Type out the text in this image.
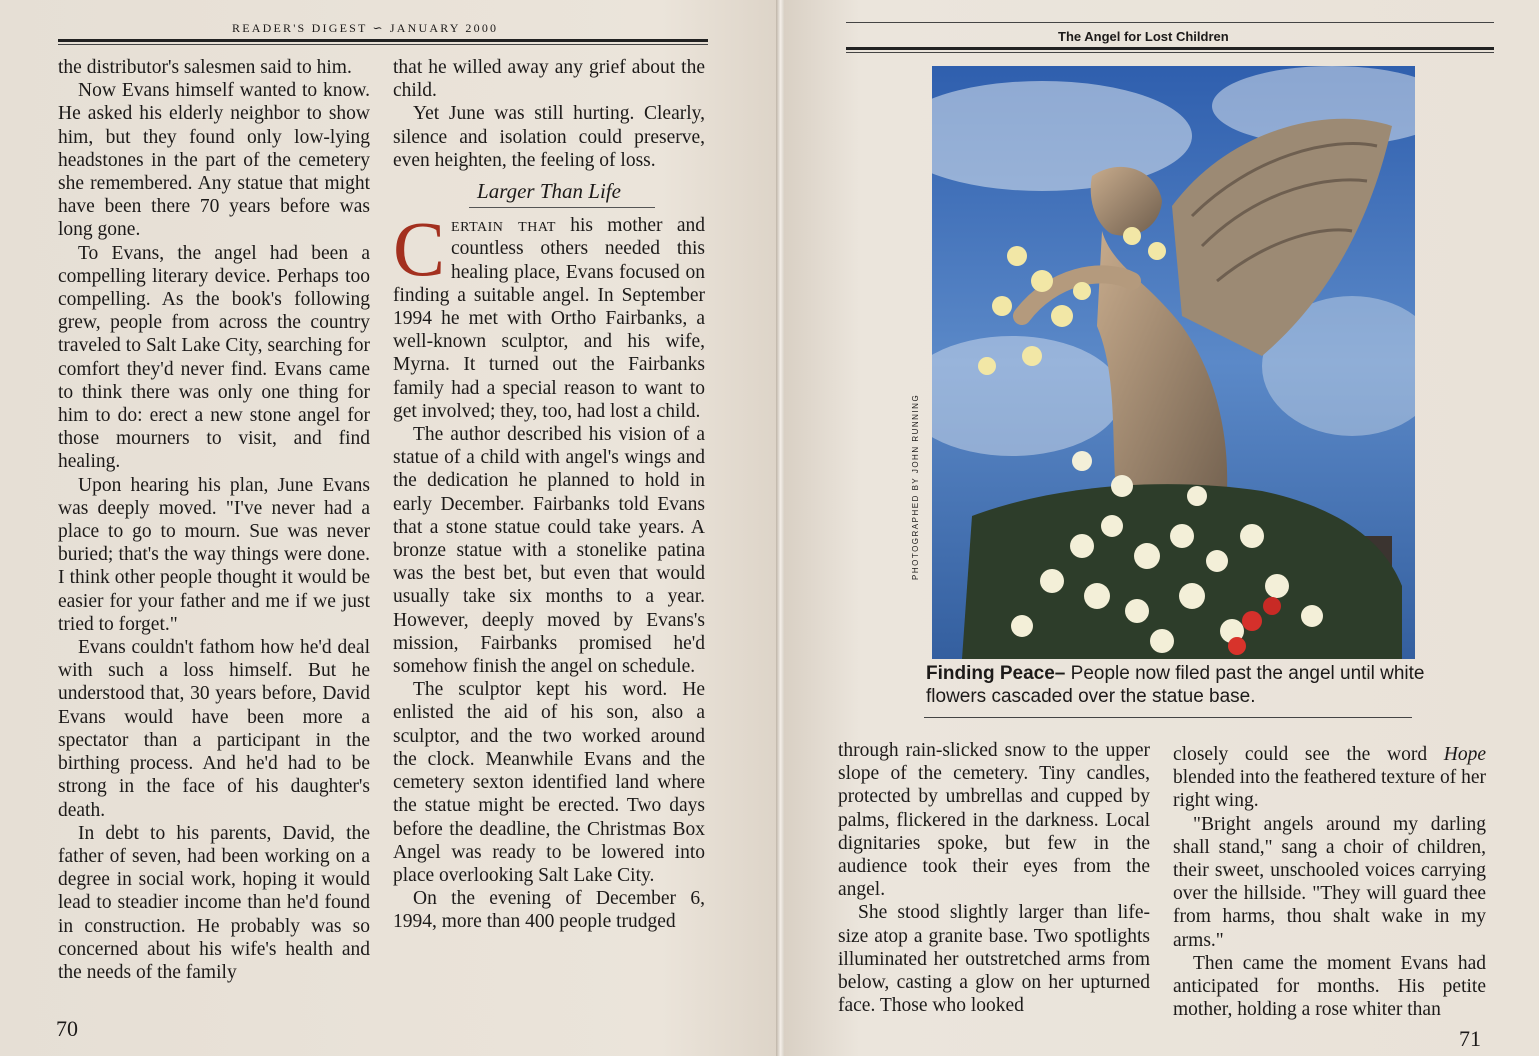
READER'S DIGEST ∽ JANUARY 2000

the distributor's salesmen said to him.

Now Evans himself wanted to know. He asked his elderly neighbor to show him, but they found only low-lying headstones in the part of the cemetery she remembered. Any statue that might have been there 70 years before was long gone.

To Evans, the angel had been a compelling literary device. Perhaps too compelling. As the book's following grew, people from across the country traveled to Salt Lake City, searching for comfort they'd never find. Evans came to think there was only one thing for him to do: erect a new stone angel for those mourners to visit, and find healing.

Upon hearing his plan, June Evans was deeply moved. "I've never had a place to go to mourn. Sue was never buried; that's the way things were done. I think other people thought it would be easier for your father and me if we just tried to forget."

Evans couldn't fathom how he'd deal with such a loss himself. But he understood that, 30 years before, David Evans would have been more a spectator than a participant in the birthing process. And he'd had to be strong in the face of his daughter's death.

In debt to his parents, David, the father of seven, had been working on a degree in social work, hoping it would lead to steadier income than he'd found in construction. He probably was so concerned about his wife's health and the needs of the family

that he willed away any grief about the child.

Yet June was still hurting. Clearly, silence and isolation could preserve, even heighten, the feeling of loss.

Larger Than Life

Certain that his mother and countless others needed this healing place, Evans focused on finding a suitable angel. In September 1994 he met with Ortho Fairbanks, a well-known sculptor, and his wife, Myrna. It turned out the Fairbanks family had a special reason to want to get involved; they, too, had lost a child.

The author described his vision of a statue of a child with angel's wings and the dedication he planned to hold in early December. Fairbanks told Evans that a stone statue could take years. A bronze statue with a stonelike patina was the best bet, but even that would usually take six months to a year. However, deeply moved by Evans's mission, Fairbanks promised he'd somehow finish the angel on schedule.

The sculptor kept his word. He enlisted the aid of his son, also a sculptor, and the two worked around the clock. Meanwhile Evans and the cemetery sexton identified land where the statue might be erected. Two days before the deadline, the Christmas Box Angel was ready to be lowered into place overlooking Salt Lake City.

On the evening of December 6, 1994, more than 400 people trudged

70
The Angel for Lost Children
PHOTOGRAPHED BY JOHN RUNNING
Finding Peace– People now filed past the angel until white flowers cascaded over the statue base.

through rain-slicked snow to the upper slope of the cemetery. Tiny candles, protected by umbrellas and cupped by palms, flickered in the darkness. Local dignitaries spoke, but few in the audience took their eyes from the angel.

She stood slightly larger than life-size atop a granite base. Two spotlights illuminated her outstretched arms from below, casting a glow on her upturned face. Those who looked

closely could see the word Hope blended into the feathered texture of her right wing.

"Bright angels around my darling shall stand," sang a choir of children, their sweet, unschooled voices carrying over the hillside. "They will guard thee from harms, thou shalt wake in my arms."

Then came the moment Evans had anticipated for months. His petite mother, holding a rose whiter than

71
